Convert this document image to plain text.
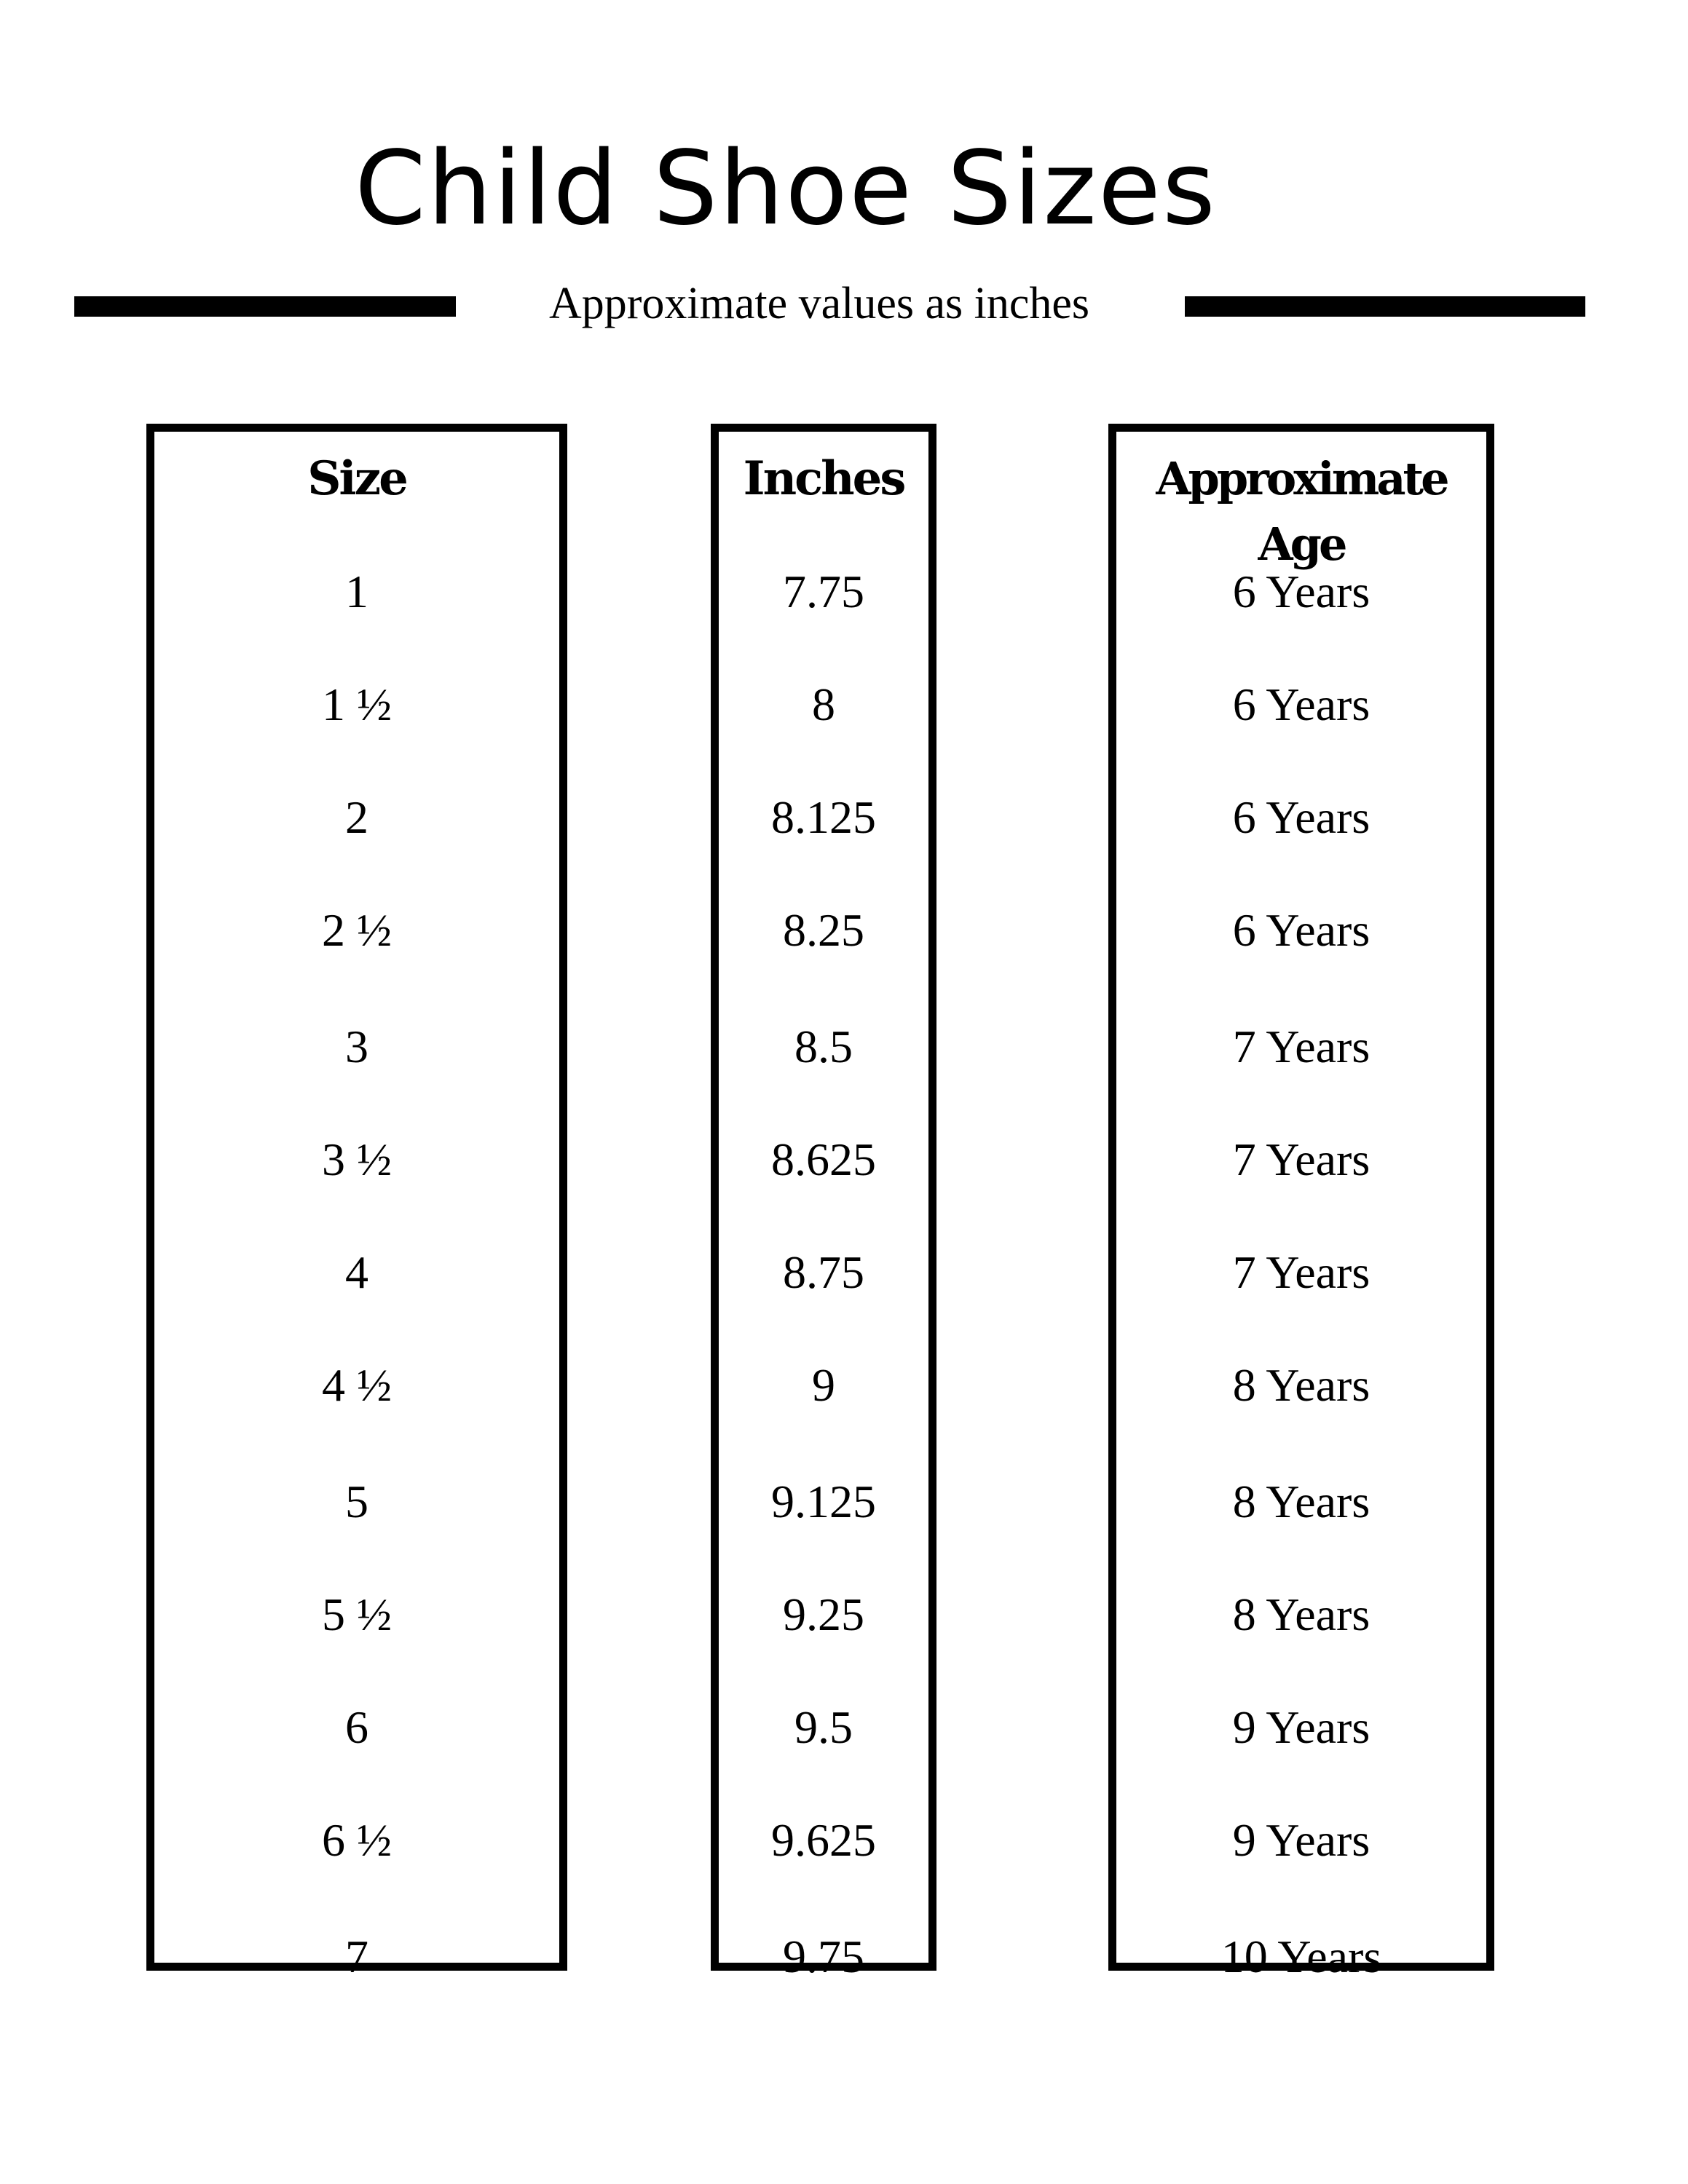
Child Shoe Sizes
Approximate values as inches
Size
1
1 ½
2
2 ½
3
3 ½
4
4 ½
5
5 ½
6
6 ½
7
Inches
7.75
8
8.125
8.25
8.5
8.625
8.75
9
9.125
9.25
9.5
9.625
9.75
Approximate Age
6 Years
6 Years
6 Years
6 Years
7 Years
7 Years
7 Years
8 Years
8 Years
8 Years
9 Years
9 Years
10 Years
